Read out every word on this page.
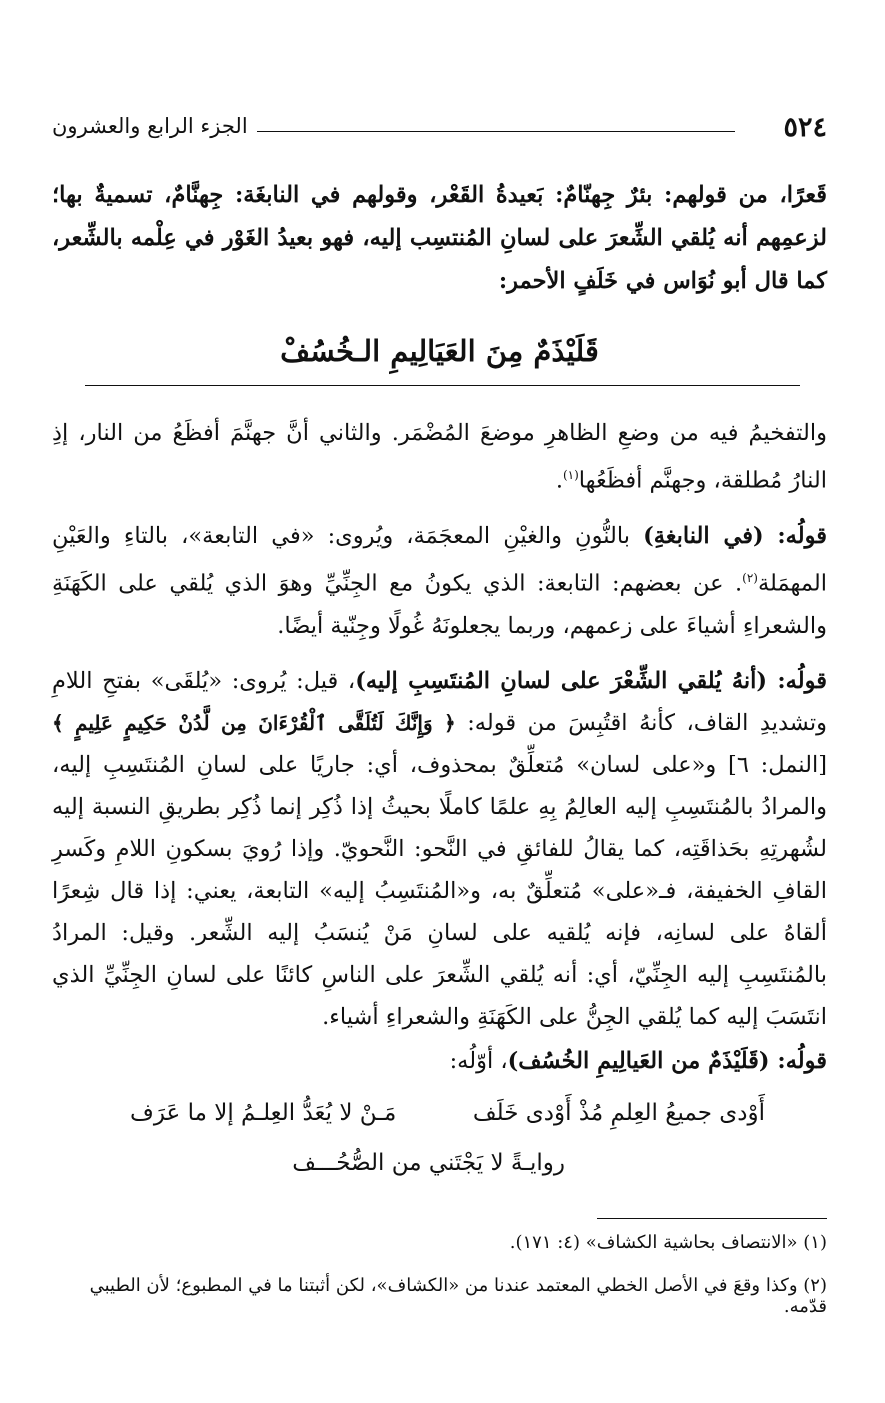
٥٢٤
الجزء الرابع والعشرون
قَعرًا، من قولهم: بئرٌ جِهنّامٌ: بَعيدةُ القَعْر، وقولهم في النابغَة: جِهنَّامٌ، تسميةٌ بها؛ لزعمِهم أنه يُلقي الشِّعرَ على لسانِ المُنتسِب إليه، فهو بعيدُ الغَوْر في عِلْمه بالشِّعر، كما قال أبو نُوَاس في خَلَفٍ الأحمر:
قَلَيْذَمٌ مِنَ العَيَالِيمِ الـخُسُفْ
والتفخيمُ فيه من وضعِ الظاهرِ موضعَ المُضْمَر. والثاني أنَّ جهنَّمَ أفظَعُ من النار، إذِ النارُ مُطلقة، وجهنَّم أفظَعُها$^{(١)}$.
قولُه: (في النابغةِ) بالنُّونِ والغيْنِ المعجَمَة، ويُروى: «في التابعة»، بالتاءِ والعَيْنِ المهمَلة$^{(٢)}$. عن بعضهم: التابعة: الذي يكونُ مع الجِنِّيِّ وهوَ الذي يُلقي على الكَهَنَةِ والشعراءِ أشياءَ على زعمهم، وربما يجعلونَهُ غُولًا وجِنّية أيضًا.
قولُه: (أنهُ يُلقي الشِّعْرَ على لسانِ المُنتَسِبِ إليه)، قيل: يُروى: «يُلقَى» بفتحِ اللامِ وتشديدِ القاف، كأنهُ اقتُبِسَ من قوله: ﴿ وَإِنَّكَ لَتُلَقَّى ٱلْقُرْءَانَ مِن لَّدُنْ حَكِيمٍ عَلِيمٍ ﴾ [النمل: ٦] و«على لسان» مُتعلِّقٌ بمحذوف، أي: جاريًا على لسانِ المُنتَسِبِ إليه، والمرادُ بالمُنتَسِبِ إليه العالِمُ بِهِ علمًا كاملًا بحيثُ إذا ذُكِر إنما ذُكِر بطريقِ النسبة إليه لشُهرتِهِ بحَذاقَتِه، كما يقالُ للفائقِ في النَّحو: النَّحويّ. وإذا رُويَ بسكونِ اللامِ وكَسرِ القافِ الخفيفة، فـ«على» مُتعلِّقٌ به، و«المُنتَسِبُ إليه» التابعة، يعني: إذا قال شِعرًا ألقاهُ على لسانِه، فإنه يُلقيه على لسانِ مَنْ يُنسَبُ إليه الشِّعر. وقيل: المرادُ بالمُنتَسِبِ إليه الجِنِّيّ، أي: أنه يُلقي الشِّعرَ على الناسِ كائنًا على لسانِ الجِنِّيِّ الذي انتَسَبَ إليه كما يُلقي الجِنُّ على الكَهَنَةِ والشعراءِ أشياء.
قولُه: (قَلَيْذَمٌ من العَيالِيمِ الخُسُف)، أوّلُه:
أَوْدى جميعُ العِلمِ مُذْ أَوْدى خَلَف
مَـنْ لا يُعَدُّ العِلـمُ إلا ما عَرَف
روايـةً لا يَجْتَني من الصُّحُـــف
(١) «الانتصاف بحاشية الكشاف» (٤: ١٧١).
(٢) وكذا وقعَ في الأصل الخطي المعتمد عندنا من «الكشاف»، لكن أثبتنا ما في المطبوع؛ لأن الطيبي قدّمه.
